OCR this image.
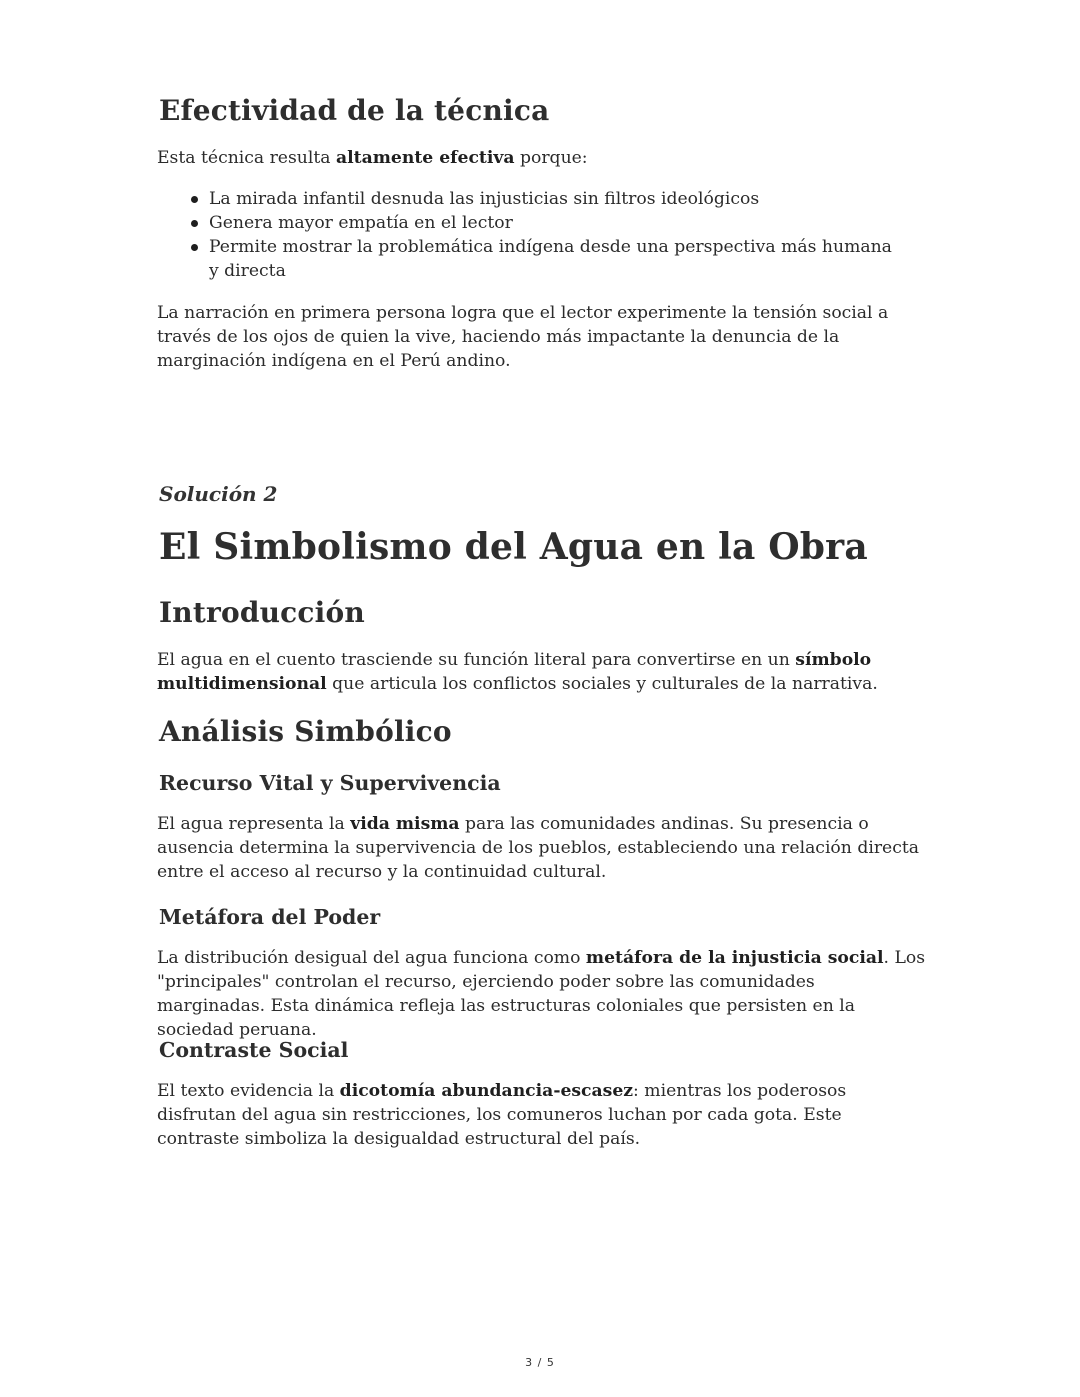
Efectividad de la técnica

Esta técnica resulta altamente efectiva porque:

La mirada infantil desnuda las injusticias sin filtros ideológicos
Genera mayor empatía en el lector
Permite mostrar la problemática indígena desde una perspectiva más humana y directa

La narración en primera persona logra que el lector experimente la tensión social a través de los ojos de quien la vive, haciendo más impactante la denuncia de la marginación indígena en el Perú andino.

Solución 2
El Simbolismo del Agua en la Obra
Introducción

El agua en el cuento trasciende su función literal para convertirse en un símbolo multidimensional que articula los conflictos sociales y culturales de la narrativa.

Análisis Simbólico
Recurso Vital y Supervivencia

El agua representa la vida misma para las comunidades andinas. Su presencia o ausencia determina la supervivencia de los pueblos, estableciendo una relación directa entre el acceso al recurso y la continuidad cultural.

Metáfora del Poder

La distribución desigual del agua funciona como metáfora de la injusticia social. Los "principales" controlan el recurso, ejerciendo poder sobre las comunidades marginadas. Esta dinámica refleja las estructuras coloniales que persisten en la sociedad peruana.

Contraste Social

El texto evidencia la dicotomía abundancia-escasez: mientras los poderosos disfrutan del agua sin restricciones, los comuneros luchan por cada gota. Este contraste simboliza la desigualdad estructural del país.

3 / 5
